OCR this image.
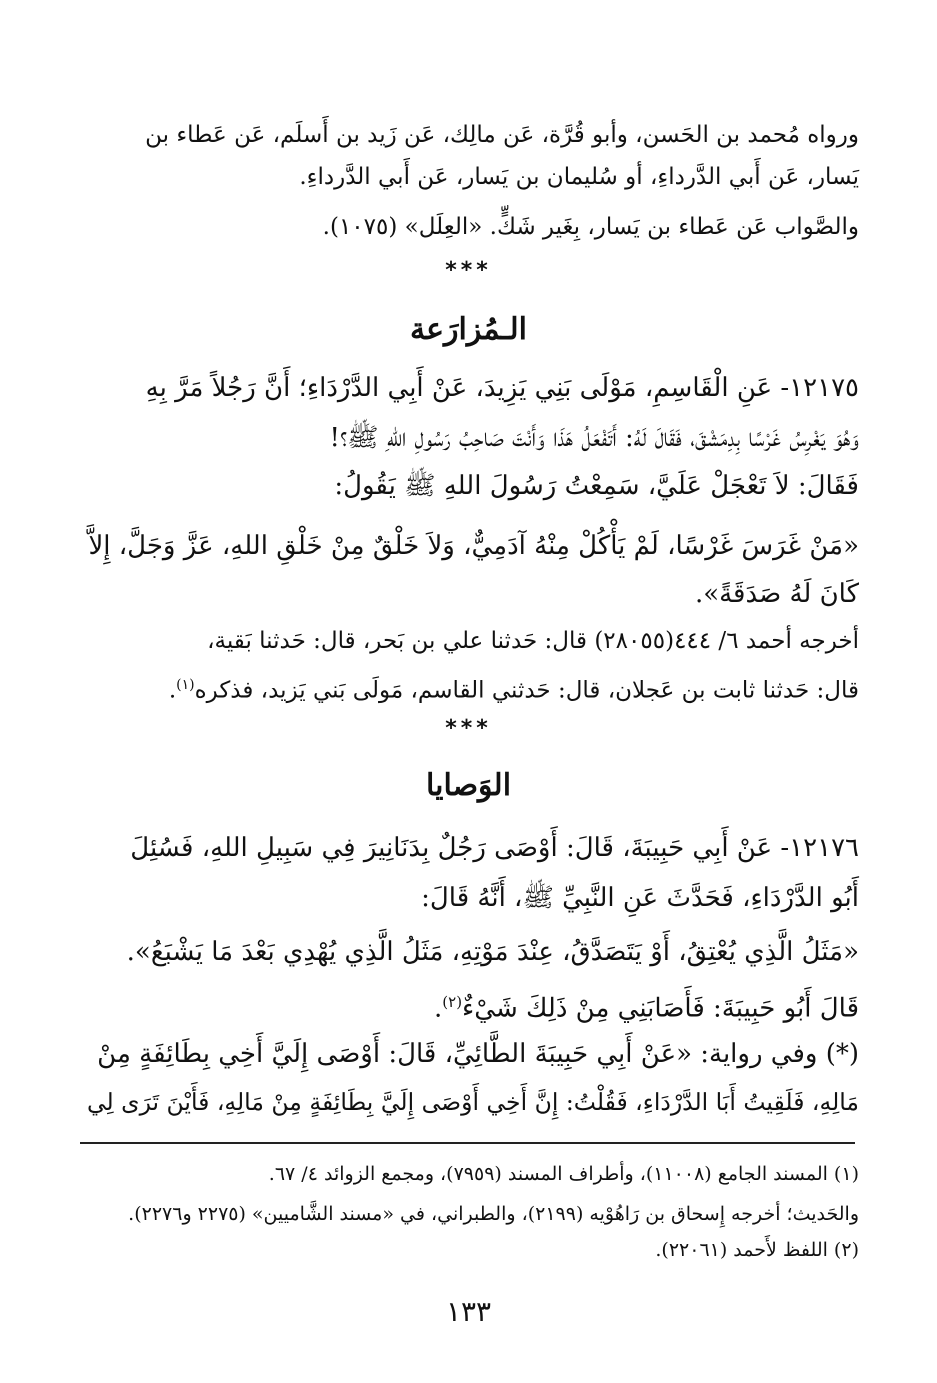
ورواه مُحمد بن الحَسن، وأبو قُرَّة، عَن مالِك، عَن زَيد بن أَسلَم، عَن عَطاء بن
يَسار، عَن أَبي الدَّرداءِ، أو سُليمان بن يَسار، عَن أَبي الدَّرداءِ.
والصَّواب عَن عَطاء بن يَسار، بِغَير شَكٍّ. «العِلَل» (١٠٧٥).
***
الـمُزارَعة
١٢١٧٥- عَنِ الْقَاسِمِ، مَوْلَى بَنِي يَزِيدَ، عَنْ أَبِي الدَّرْدَاءِ؛ أَنَّ رَجُلاً مَرَّ بِهِ
وَهُوَ يَغْرِسُ غَرْسًا بِدِمَشْقَ، فَقَالَ لَهُ: أَتَفْعَلُ هَذَا وَأَنْتَ صَاحِبُ رَسُولِ اللهِ ﷺ؟!
فَقَالَ: لاَ تَعْجَلْ عَلَيَّ، سَمِعْتُ رَسُولَ اللهِ ﷺ يَقُولُ:
«مَنْ غَرَسَ غَرْسًا، لَمْ يَأْكُلْ مِنْهُ آدَمِيٌّ، وَلاَ خَلْقٌ مِنْ خَلْقِ اللهِ، عَزَّ وَجَلَّ، إِلاَّ
كَانَ لَهُ صَدَقَةً».
أخرجه أحمد ٦/ ٤٤٤(٢٨٠٥٥) قال: حَدثنا علي بن بَحر، قال: حَدثنا بَقية،
قال: حَدثنا ثابت بن عَجلان، قال: حَدثني القاسم، مَولَى بَني يَزيد، فذكره$^{(١)}$.
***
الوَصايا
١٢١٧٦- عَنْ أَبِي حَبِيبَةَ، قَالَ: أَوْصَى رَجُلٌ بِدَنَانِيرَ فِي سَبِيلِ اللهِ، فَسُئِلَ
أَبُو الدَّرْدَاءِ، فَحَدَّثَ عَنِ النَّبِيِّ ﷺ، أَنَّهُ قَالَ:
«مَثَلُ الَّذِي يُعْتِقُ، أَوْ يَتَصَدَّقُ، عِنْدَ مَوْتِهِ، مَثَلُ الَّذِي يُهْدِي بَعْدَ مَا يَشْبَعُ».
قَالَ أَبُو حَبِيبَةَ: فَأَصَابَنِي مِنْ ذَلِكَ شَيْءٌ$^{(٢)}$.
(*) وفي رواية: «عَنْ أَبِي حَبِيبَةَ الطَّائِيِّ، قَالَ: أَوْصَى إِلَيَّ أَخِي بِطَائِفَةٍ مِنْ
مَالِهِ، فَلَقِيتُ أَبَا الدَّرْدَاءِ، فَقُلْتُ: إِنَّ أَخِي أَوْصَى إِلَيَّ بِطَائِفَةٍ مِنْ مَالِهِ، فَأَيْنَ تَرَى لِي
(١) المسند الجامع (١١٠٠٨)، وأطراف المسند (٧٩٥٩)، ومجمع الزوائد ٤/ ٦٧.
والحَديث؛ أخرجه إِسحاق بن رَاهُوْيه (٢١٩٩)، والطبراني، في «مسند الشَّاميين» (٢٢٧٥ و٢٢٧٦).
(٢) اللفظ لأَحمد (٢٢٠٦١).
١٣٣
